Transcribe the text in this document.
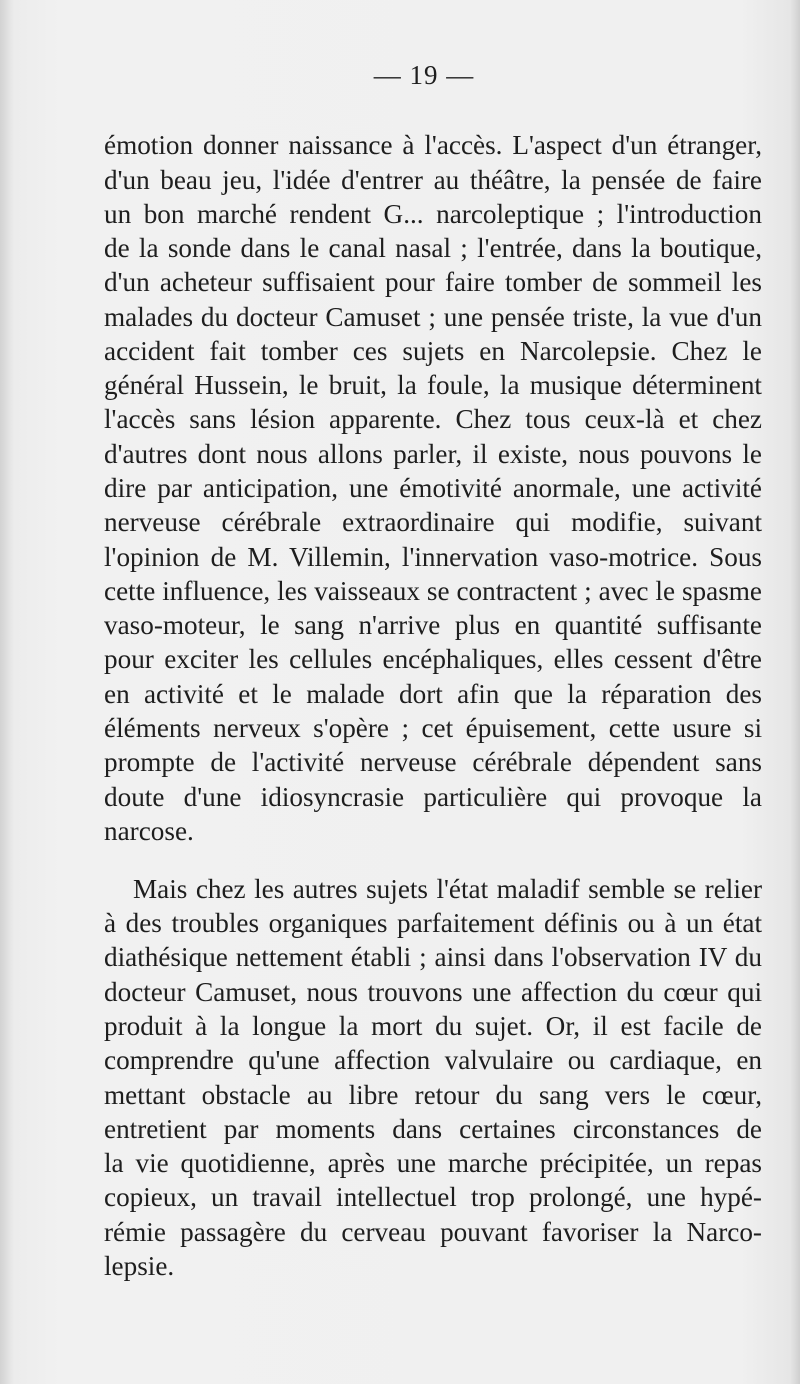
— 19 —
émotion donner naissance à l'accès. L'aspect d'un étranger,
d'un beau jeu, l'idée d'entrer au théâtre, la pensée de faire
un bon marché rendent G... narcoleptique ; l'introduction
de la sonde dans le canal nasal ; l'entrée, dans la boutique,
d'un acheteur suffisaient pour faire tomber de sommeil les
malades du docteur Camuset ; une pensée triste, la vue d'un
accident fait tomber ces sujets en Narcolepsie. Chez le
général Hussein, le bruit, la foule, la musique déterminent
l'accès sans lésion apparente. Chez tous ceux-là et chez
d'autres dont nous allons parler, il existe, nous pouvons le
dire par anticipation, une émotivité anormale, une activité
nerveuse cérébrale extraordinaire qui modifie, suivant
l'opinion de M. Villemin, l'innervation vaso-motrice. Sous
cette influence, les vaisseaux se contractent ; avec le spasme
vaso-moteur, le sang n'arrive plus en quantité suffisante
pour exciter les cellules encéphaliques, elles cessent d'être
en activité et le malade dort afin que la réparation des
éléments nerveux s'opère ; cet épuisement, cette usure si
prompte de l'activité nerveuse cérébrale dépendent sans
doute d'une idiosyncrasie particulière qui provoque la
narcose.
Mais chez les autres sujets l'état maladif semble se relier
à des troubles organiques parfaitement définis ou à un état
diathésique nettement établi ; ainsi dans l'observation IV du
docteur Camuset, nous trouvons une affection du cœur qui
produit à la longue la mort du sujet. Or, il est facile de
comprendre qu'une affection valvulaire ou cardiaque, en
mettant obstacle au libre retour du sang vers le cœur,
entretient par moments dans certaines circonstances de
la vie quotidienne, après une marche précipitée, un repas
copieux, un travail intellectuel trop prolongé, une hypé-
rémie passagère du cerveau pouvant favoriser la Narco-
lepsie.
